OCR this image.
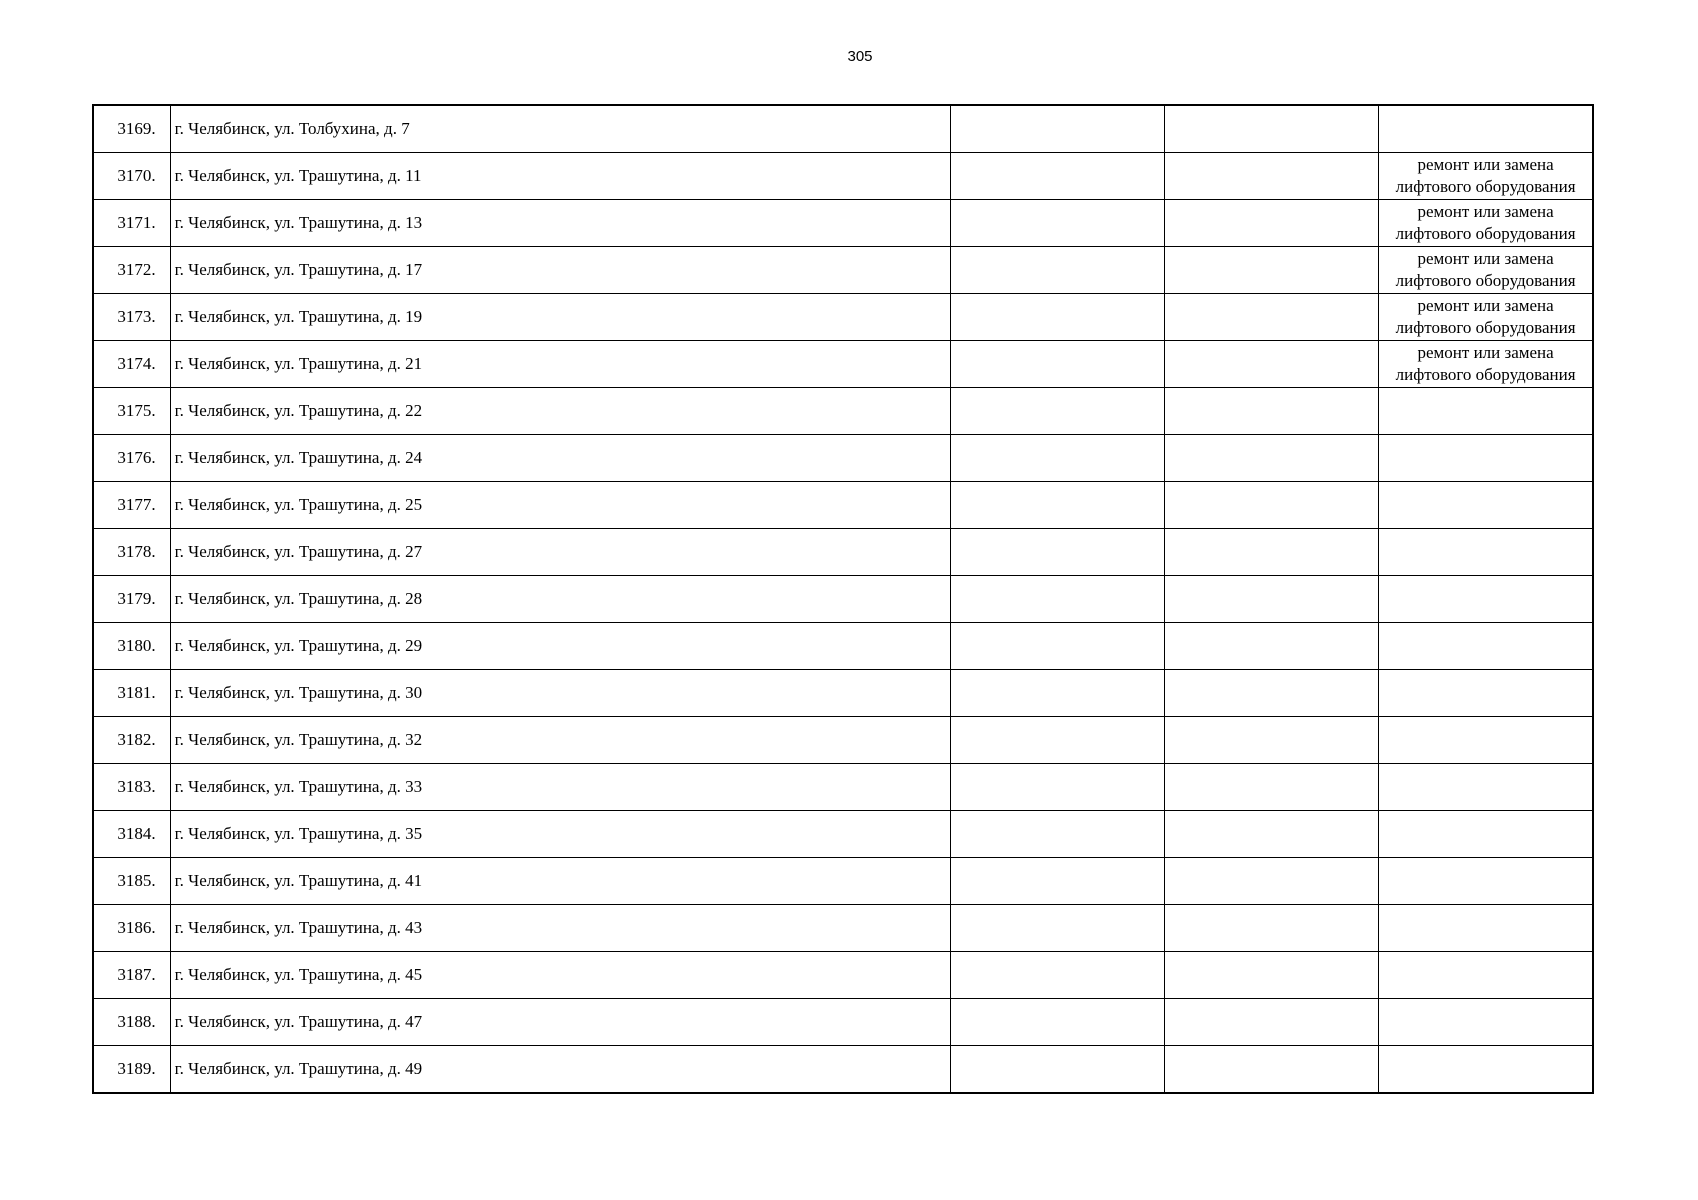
305
3169.	г. Челябинск, ул. Толбухина, д. 7			

3170.	г. Челябинск, ул. Трашутина, д. 11			ремонт или замена
лифтового оборудования

3171.	г. Челябинск, ул. Трашутина, д. 13			ремонт или замена
лифтового оборудования

3172.	г. Челябинск, ул. Трашутина, д. 17			ремонт или замена
лифтового оборудования

3173.	г. Челябинск, ул. Трашутина, д. 19			ремонт или замена
лифтового оборудования

3174.	г. Челябинск, ул. Трашутина, д. 21			ремонт или замена
лифтового оборудования

3175.	г. Челябинск, ул. Трашутина, д. 22			

3176.	г. Челябинск, ул. Трашутина, д. 24			

3177.	г. Челябинск, ул. Трашутина, д. 25			

3178.	г. Челябинск, ул. Трашутина, д. 27			

3179.	г. Челябинск, ул. Трашутина, д. 28			

3180.	г. Челябинск, ул. Трашутина, д. 29			

3181.	г. Челябинск, ул. Трашутина, д. 30			

3182.	г. Челябинск, ул. Трашутина, д. 32			

3183.	г. Челябинск, ул. Трашутина, д. 33			

3184.	г. Челябинск, ул. Трашутина, д. 35			

3185.	г. Челябинск, ул. Трашутина, д. 41			

3186.	г. Челябинск, ул. Трашутина, д. 43			

3187.	г. Челябинск, ул. Трашутина, д. 45			

3188.	г. Челябинск, ул. Трашутина, д. 47			

3189.	г. Челябинск, ул. Трашутина, д. 49			
